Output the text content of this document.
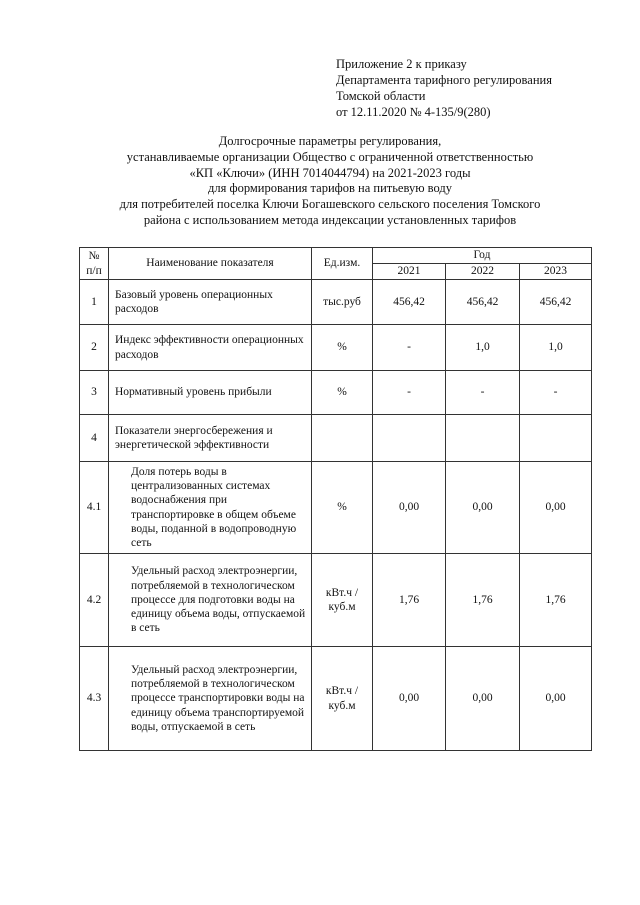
Приложение 2 к приказу
Департамента тарифного регулирования
Томской области
от 12.11.2020 № 4-135/9(280)
Долгосрочные параметры регулирования,
устанавливаемые организации Общество с ограниченной ответственностью
«КП «Ключи» (ИНН 7014044794) на 2021-2023 годы
для формирования тарифов на питьевую воду
для потребителей поселка Ключи Богашевского сельского поселения Томского
района с использованием метода индексации установленных тарифов
№
п/п	Наименование показателя	Ед.изм.	Год		
			2021	2022	2023
1	Базовый уровень операционных расходов	тыс.руб	456,42	456,42	456,42
2	Индекс эффективности операционных расходов	%	-	1,0	1,0
3	Нормативный уровень прибыли	%	-	-	-
4	Показатели энергосбережения и энергетической эффективности				
4.1	Доля потерь воды в централизованных системах водоснабжения при транспортировке в общем объеме воды, поданной в водопроводную сеть	%	0,00	0,00	0,00
4.2	Удельный расход электроэнергии, потребляемой в технологическом процессе для подготовки воды на единицу объема воды, отпускаемой в сеть	кВт.ч / куб.м	1,76	1,76	1,76
4.3	Удельный расход электроэнергии, потребляемой в технологическом процессе транспортировки воды на единицу объема транспортируемой воды, отпускаемой в сеть	кВт.ч / куб.м	0,00	0,00	0,00
